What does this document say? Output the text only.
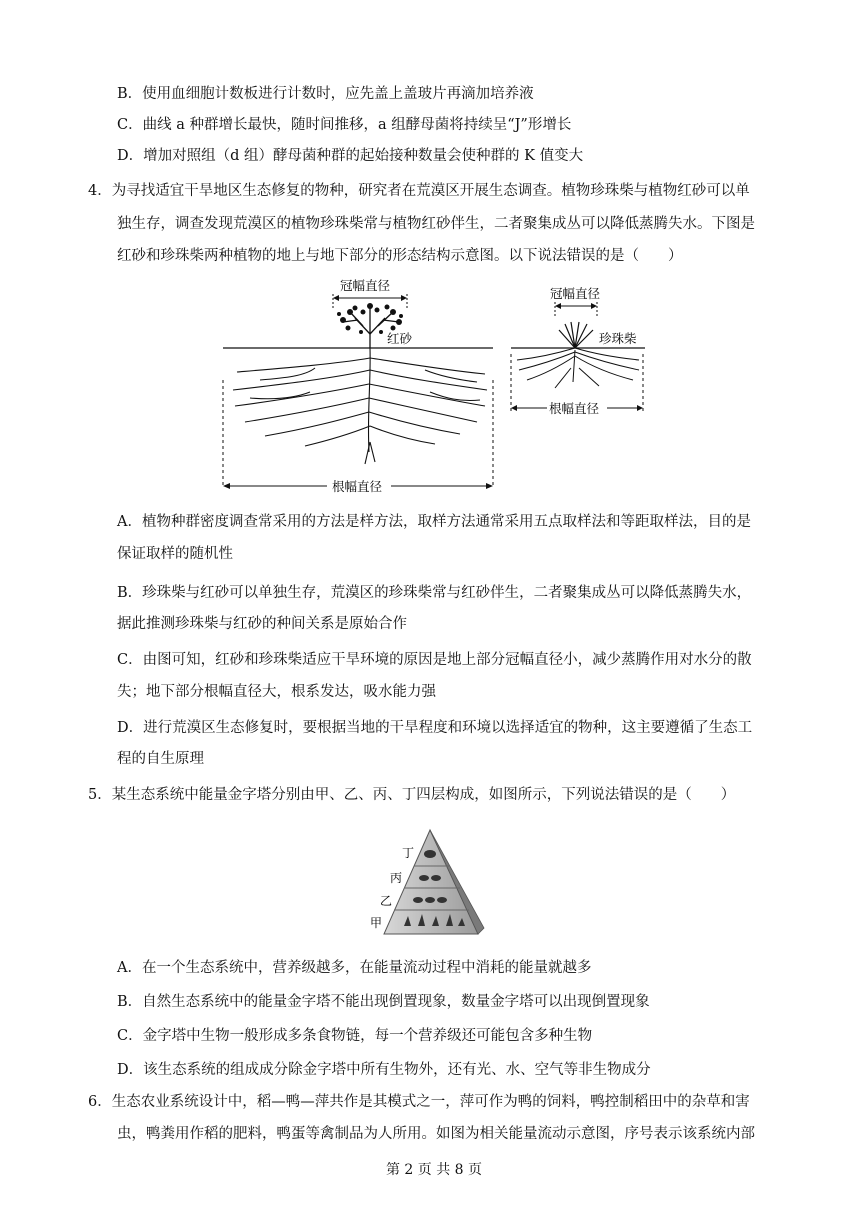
B．使用血细胞计数板进行计数时，应先盖上盖玻片再滴加培养液
C．曲线 a 种群增长最快，随时间推移，a 组酵母菌将持续呈“J”形增长
D．增加对照组（d 组）酵母菌种群的起始接种数量会使种群的 K 值变大
4．为寻找适宜干旱地区生态修复的物种，研究者在荒漠区开展生态调查。植物珍珠柴与植物红砂可以单
独生存，调查发现荒漠区的植物珍珠柴常与植物红砂伴生，二者聚集成丛可以降低蒸腾失水。下图是
红砂和珍珠柴两种植物的地上与地下部分的形态结构示意图。以下说法错误的是（　　）
冠幅直径
红砂
根幅直径
冠幅直径
珍珠柴
根幅直径
A．植物种群密度调查常采用的方法是样方法，取样方法通常采用五点取样法和等距取样法，目的是
保证取样的随机性
B．珍珠柴与红砂可以单独生存，荒漠区的珍珠柴常与红砂伴生，二者聚集成丛可以降低蒸腾失水，
据此推测珍珠柴与红砂的种间关系是原始合作
C．由图可知，红砂和珍珠柴适应干旱环境的原因是地上部分冠幅直径小，减少蒸腾作用对水分的散
失；地下部分根幅直径大，根系发达，吸水能力强
D．进行荒漠区生态修复时，要根据当地的干旱程度和环境以选择适宜的物种，这主要遵循了生态工
程的自生原理
5．某生态系统中能量金字塔分别由甲、乙、丙、丁四层构成，如图所示，下列说法错误的是（　　）
丁
丙
乙
甲
A．在一个生态系统中，营养级越多，在能量流动过程中消耗的能量就越多
B．自然生态系统中的能量金字塔不能出现倒置现象，数量金字塔可以出现倒置现象
C．金字塔中生物一般形成多条食物链，每一个营养级还可能包含多种生物
D．该生态系统的组成成分除金字塔中所有生物外，还有光、水、空气等非生物成分
6．生态农业系统设计中，稻—鸭—萍共作是其模式之一，萍可作为鸭的饲料，鸭控制稻田中的杂草和害
虫，鸭粪用作稻的肥料，鸭蛋等禽制品为人所用。如图为相关能量流动示意图，序号表示该系统内部
第 2 页 共 8 页
